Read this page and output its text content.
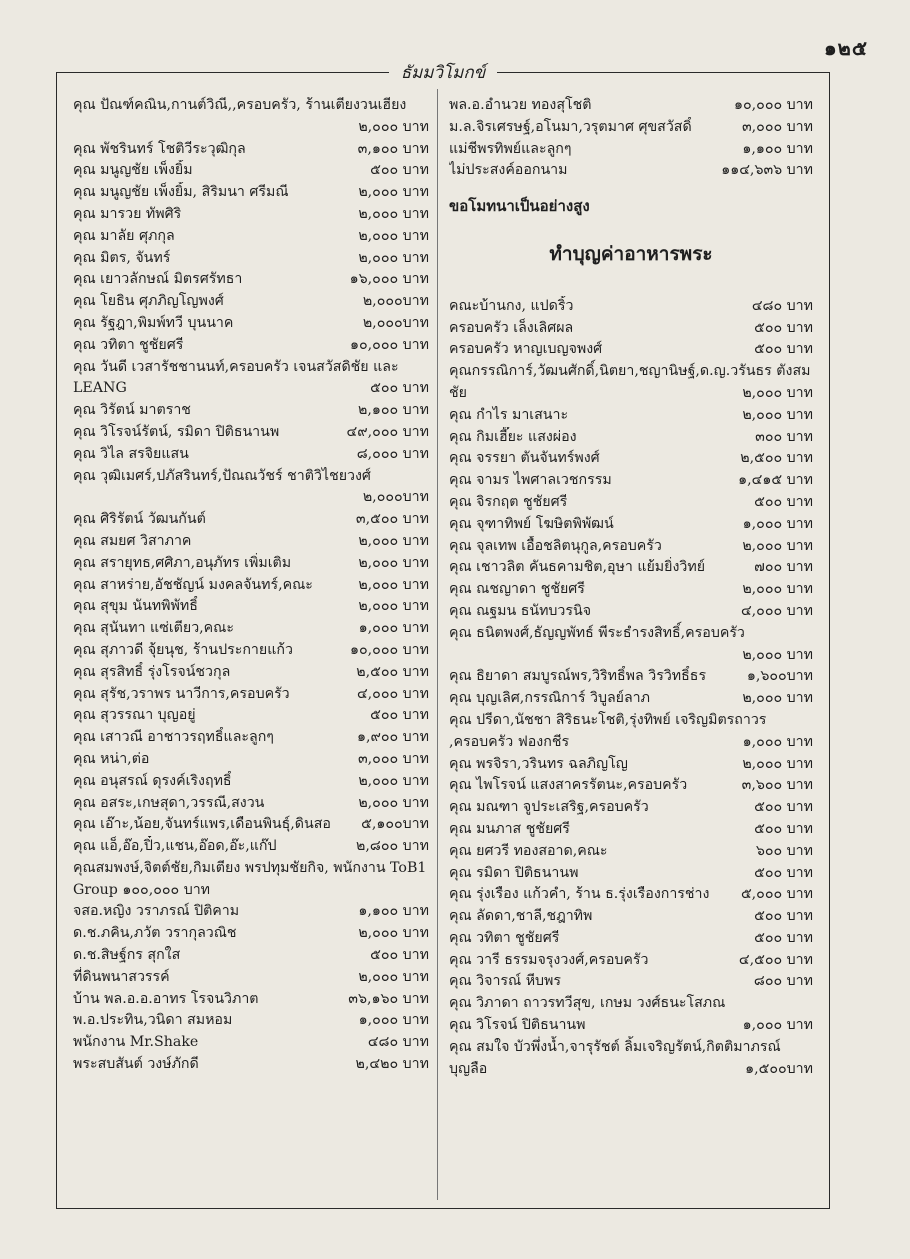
๑๒๕
ธัมมวิโมกข์
คุณ ปัณฑ์คณิน,กานต์วิณี,,ครอบครัว, ร้านเตียงวนเฮียง
๒,๐๐๐ บาท
คุณ พัชรินทร์ โชติวีระวุฒิกุล	๓,๑๐๐ บาท
คุณ มนูญชัย เพ็งยิ้ม	๕๐๐ บาท
คุณ มนูญชัย เพ็งยิ้ม, สิริมนา ศรีมณี	๒,๐๐๐ บาท
คุณ มารวย ทัพศิริ	๒,๐๐๐ บาท
คุณ มาลัย ศุภกุล	๒,๐๐๐ บาท
คุณ มิตร, จันทร์	๒,๐๐๐ บาท
คุณ เยาวลักษณ์ มิตรศรัทธา	๑๖,๐๐๐ บาท
คุณ โยธิน ศุภภิญโญพงศ์	๒,๐๐๐บาท
คุณ รัฐฎา,พิมพ์ทวี บุนนาค	๒,๐๐๐บาท
คุณ วทิตา ชูชัยศรี	๑๐,๐๐๐ บาท
คุณ วันดี เวสารัชชานนท์,ครอบครัว เจนสวัสดิชัย และ
LEANG	๕๐๐ บาท
คุณ วิรัตน์ มาตราช	๒,๑๐๐ บาท
คุณ วิโรจน์รัตน์, รมิดา ปิติธนานพ	๔๙,๐๐๐ บาท
คุณ วิไล สรจิยแสน	๘,๐๐๐ บาท
คุณ วุฒิเมศร์,ปภัสรินทร์,ปัณณวัชร์ ชาติวิไชยวงศ์
๒,๐๐๐บาท
คุณ ศิริรัตน์ วัฒนกันต์	๓,๕๐๐ บาท
คุณ สมยศ วิสาภาค	๒,๐๐๐ บาท
คุณ สรายุทธ,ศศิภา,อนุภัทร เพิ่มเติม	๒,๐๐๐ บาท
คุณ สาหร่าย,อัชชัญน์ มงคลจันทร์,คณะ	๒,๐๐๐ บาท
คุณ สุขุม นันทพิพัทธิ์	๒,๐๐๐ บาท
คุณ สุนันทา แซ่เตียว,คณะ	๑,๐๐๐ บาท
คุณ สุภาวดี จุ้ยนุช, ร้านประกายแก้ว	๑๐,๐๐๐ บาท
คุณ สุรสิทธิ์ รุ่งโรจน์ชวกุล	๒,๕๐๐ บาท
คุณ สุรัช,วราพร นาวีการ,ครอบครัว	๔,๐๐๐ บาท
คุณ สุวรรณา บุญอยู่	๕๐๐ บาท
คุณ เสาวณี อาชาวรฤทธิ์และลูกๆ	๑,๙๐๐ บาท
คุณ หน่า,ต่อ	๓,๐๐๐ บาท
คุณ อนุสรณ์ ดุรงค์เริงฤทธิ์	๒,๐๐๐ บาท
คุณ อสระ,เกษสุดา,วรรณี,สงวน	๒,๐๐๐ บาท
คุณ เอ๊าะ,น้อย,จันทร์แพร,เดือนพินธุ์,ดินสอ	๕,๑๐๐บาท
คุณ แอ็,อ๊อ,ปิ๋ว,แชน,อ๊อด,อ๊ะ,แก๊ป	๒,๘๐๐ บาท
คุณสมพงษ์,จิตต์ชัย,กิมเตียง พรปทุมชัยกิจ, พนักงาน ToB1 Group ๑๐๐,๐๐๐ บาท
จสอ.หญิง วราภรณ์ ปิติคาม	๑,๑๐๐ บาท
ด.ช.ภคิน,ภวัต วรากุลวณิช	๒,๐๐๐ บาท
ด.ช.สิษฐ์กร สุกใส	๕๐๐ บาท
ที่ดินพนาสวรรค์	๒,๐๐๐ บาท
บ้าน พล.อ.อ.อาทร โรจนวิภาต	๓๖,๑๖๐ บาท
พ.อ.ประทิน,วนิดา สมหอม	๑,๐๐๐ บาท
พนักงาน Mr.Shake	๔๘๐ บาท
พระสบสันต์ วงษ์ภักดี	๒,๔๒๐ บาท
พล.อ.อำนวย ทองสุโชติ	๑๐,๐๐๐ บาท
ม.ล.จิรเศรษฐ์,อโนมา,วรุตมาศ ศุขสวัสดิ์	๓,๐๐๐ บาท
แม่ชีพรทิพย์และลูกๆ	๑,๑๐๐ บาท
ไม่ประสงค์ออกนาม	๑๑๔,๖๓๖ บาท
ขอโมทนาเป็นอย่างสูง
ทำบุญค่าอาหารพระ
คณะบ้านกง, แปดริ้ว	๔๘๐ บาท
ครอบครัว เล็งเลิศผล	๕๐๐ บาท
ครอบครัว หาญเบญจพงศ์	๕๐๐ บาท
คุณกรรณิการ์,วัฒนศักดิ์,นิตยา,ชญานิษฐ์,ด.ญ.วรันธร ตังสมชัย	๒,๐๐๐ บาท
คุณ กำไร มาเสนาะ	๒,๐๐๐ บาท
คุณ กิมเฮี๊ยะ แสงผ่อง	๓๐๐ บาท
คุณ จรรยา ตันจันทร์พงศ์	๒,๕๐๐ บาท
คุณ จามร ไพศาลเวชกรรม	๑,๔๑๕ บาท
คุณ จิรกฤต ชูชัยศรี	๕๐๐ บาท
คุณ จุฑาทิพย์ โฆษิตพิพัฒน์	๑,๐๐๐ บาท
คุณ จุลเทพ เอื้อชลิตนุกูล,ครอบครัว	๒,๐๐๐ บาท
คุณ เชาวลิต คันธคามชิต,อุษา แย้มยิ่งวิทย์	๗๐๐ บาท
คุณ ณชญาดา ชูชัยศรี	๒,๐๐๐ บาท
คุณ ณฐมน ธนัทบวรนิจ	๔,๐๐๐ บาท
คุณ ธนิตพงศ์,ธัญญพัทธ์ พีระธำรงสิทธิ์,ครอบครัว
๒,๐๐๐ บาท
คุณ ธิยาดา สมบูรณ์พร,วิริทธิ์พล วิรวิทธิ์ธร	๑,๖๐๐บาท
คุณ บุญเลิศ,กรรณิการ์ วิบูลย์ลาภ	๒,๐๐๐ บาท
คุณ ปรีดา,นัชชา สิริธนะโชติ,รุ่งทิพย์ เจริญมิตรถาวร
,ครอบครัว ฟองกชีร	๑,๐๐๐ บาท
คุณ พรจิรา,วรินทร ฉลภิญโญ	๒,๐๐๐ บาท
คุณ ไพโรจน์ แสงสาครรัตนะ,ครอบครัว	๓,๖๐๐ บาท
คุณ มณฑา จูประเสริฐ,ครอบครัว	๕๐๐ บาท
คุณ มนภาส ชูชัยศรี	๕๐๐ บาท
คุณ ยศวรี ทองสอาด,คณะ	๖๐๐ บาท
คุณ รมิดา ปิติธนานพ	๕๐๐ บาท
คุณ รุ่งเรือง แก้วคำ, ร้าน ธ.รุ่งเรืองการช่าง	๕,๐๐๐ บาท
คุณ ลัดดา,ชาลี,ชฎาทิพ	๕๐๐ บาท
คุณ วทิตา ชูชัยศรี	๕๐๐ บาท
คุณ วารี ธรรมจรุงวงศ์,ครอบครัว	๔,๕๐๐ บาท
คุณ วิจารณ์ หีบพร	๘๐๐ บาท
คุณ วิภาดา ถาวรทวีสุข, เกษม วงศ์ธนะโสภณ
คุณ วิโรจน์ ปิติธนานพ	๑,๐๐๐ บาท
คุณ สมใจ บัวพึ่งน้ำ,จารุรัชต์ ลิ้มเจริญรัตน์,กิตติมาภรณ์
บุญลือ	๑,๕๐๐บาท
